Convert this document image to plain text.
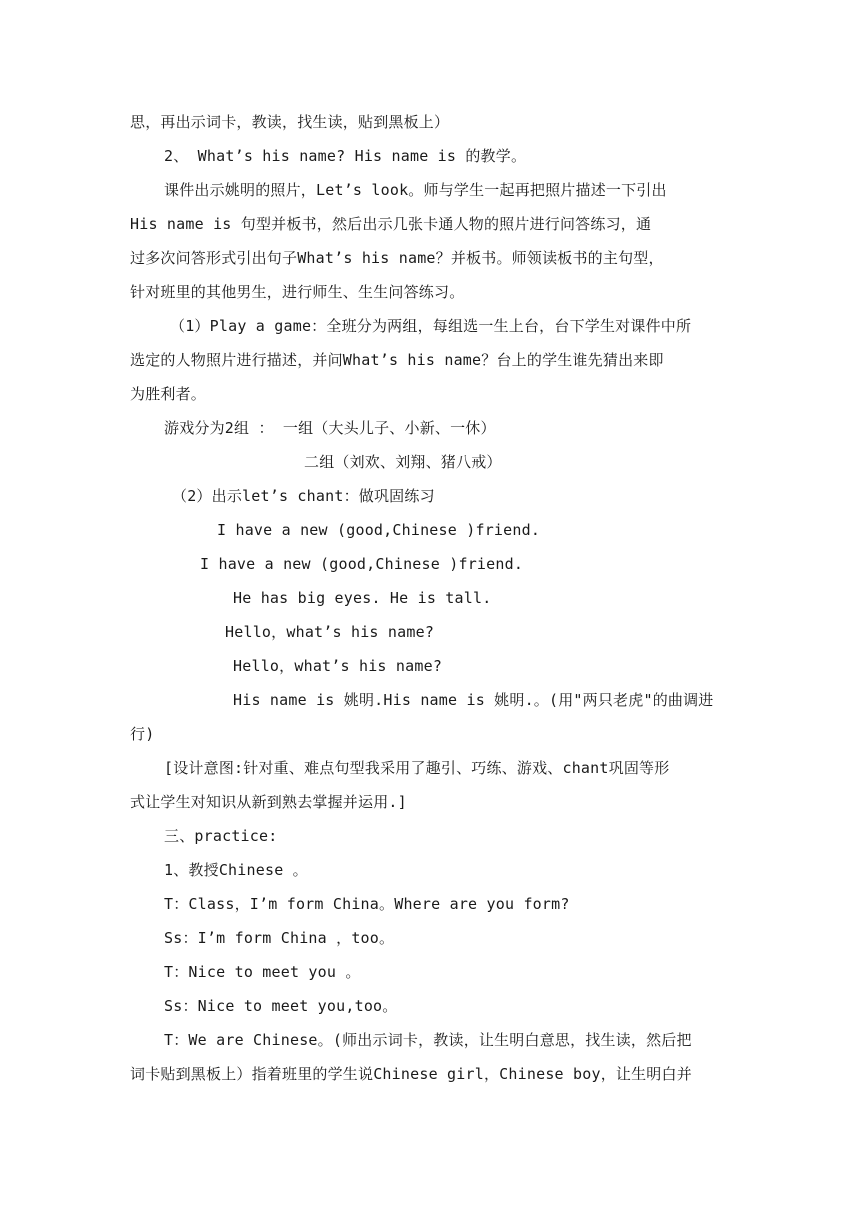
思，再出示词卡，教读，找生读，贴到黑板上）
2、 What’s his name? His name is 的教学。
课件出示姚明的照片，Let’s look。师与学生一起再把照片描述一下引出
His name is 句型并板书，然后出示几张卡通人物的照片进行问答练习，通
过多次问答形式引出句子What’s his name？并板书。师领读板书的主句型，
针对班里的其他男生，进行师生、生生问答练习。
（1）Play a game：全班分为两组，每组选一生上台，台下学生对课件中所
选定的人物照片进行描述，并问What’s his name？台上的学生谁先猜出来即
为胜利者。
游戏分为2组 ： 一组（大头儿子、小新、一休）
二组（刘欢、刘翔、猪八戒）
（2）出示let’s chant：做巩固练习
I have a new (good,Chinese )friend.
I have a new (good,Chinese )friend.
He has big eyes. He is tall.
Hello，what’s his name?
Hello，what’s his name?
His name is 姚明.His name is 姚明.。(用"两只老虎"的曲调进
行)
[设计意图:针对重、难点句型我采用了趣引、巧练、游戏、chant巩固等形
式让学生对知识从新到熟去掌握并运用.]
三、practice:
1、教授Chinese 。
T：Class，I’m form China。Where are you form?
Ss：I’m form China ，too。
T：Nice to meet you 。
Ss：Nice to meet you,too。
T：We are Chinese。(师出示词卡，教读，让生明白意思，找生读，然后把
词卡贴到黑板上）指着班里的学生说Chinese girl，Chinese boy，让生明白并
